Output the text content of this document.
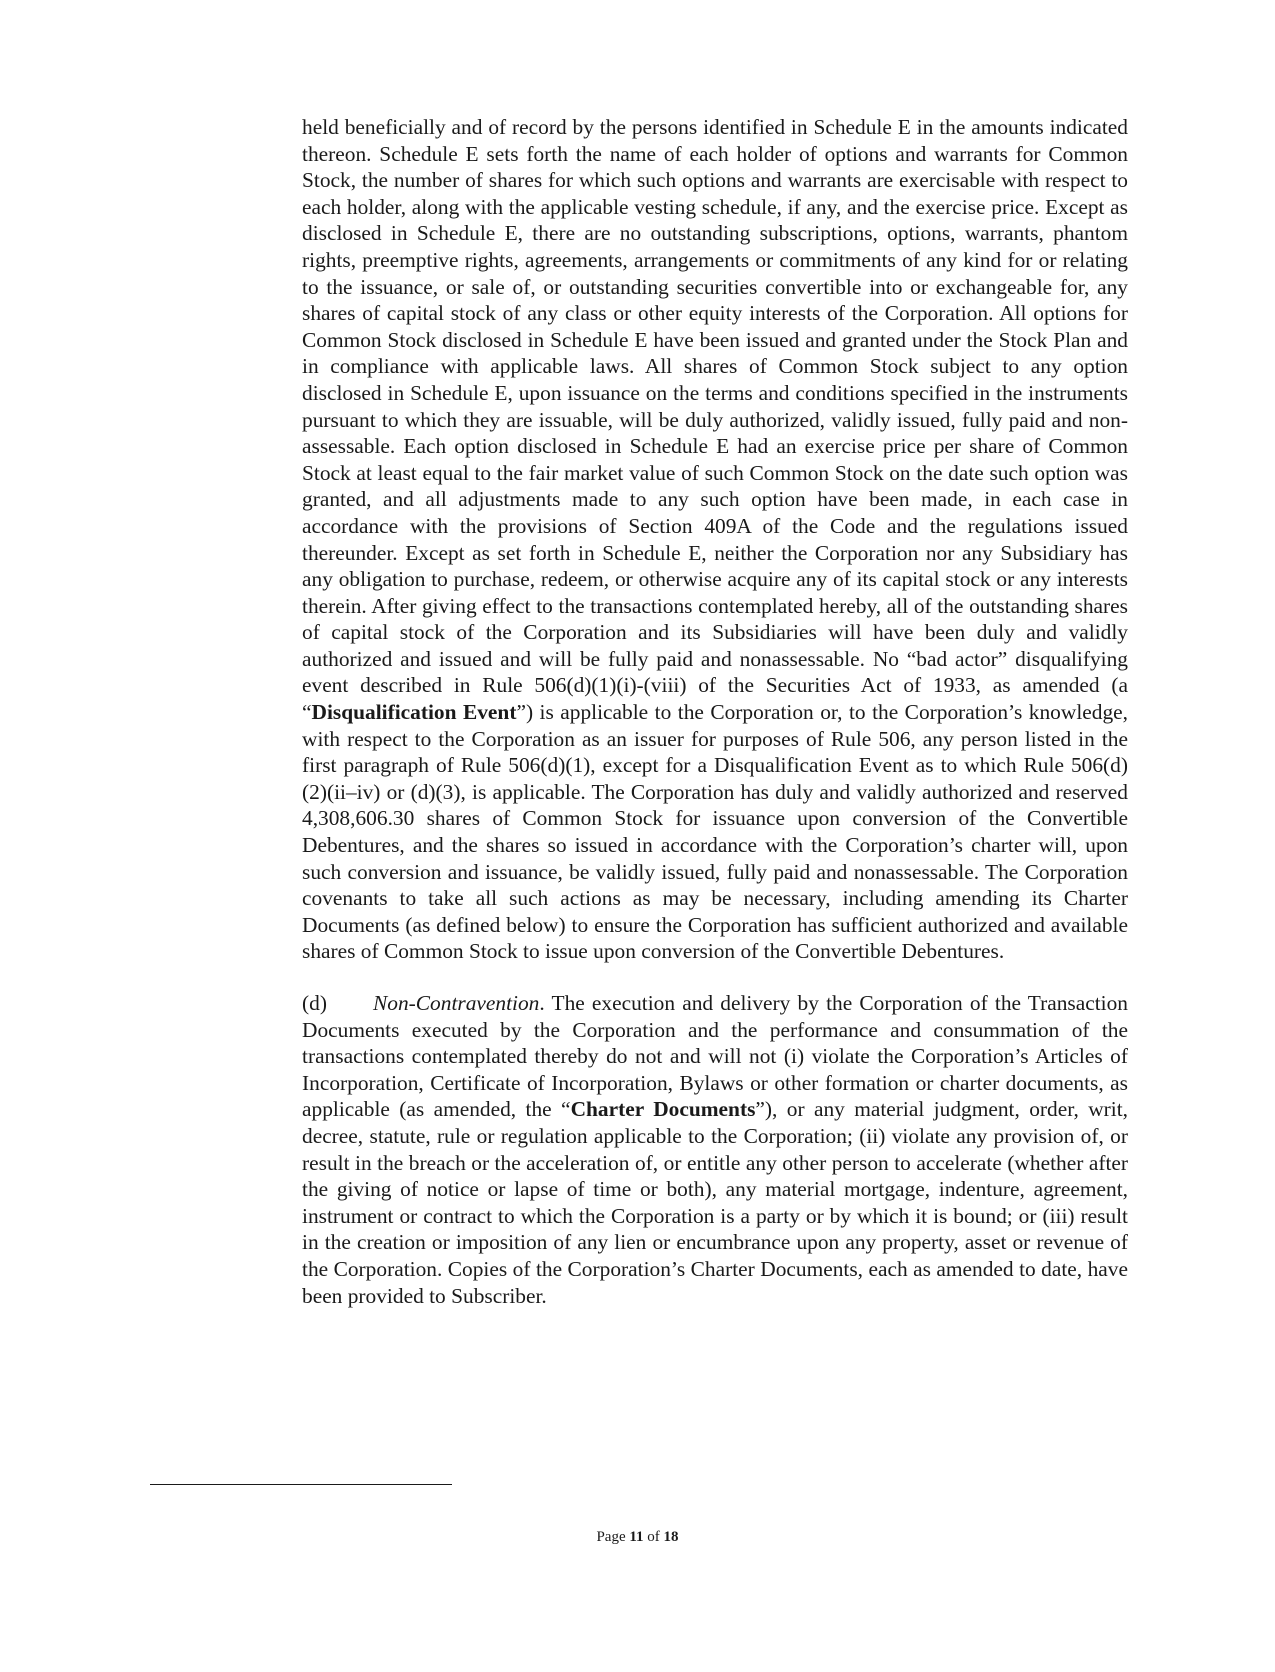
held beneficially and of record by the persons identified in Schedule E in the amounts indicated thereon. Schedule E sets forth the name of each holder of options and warrants for Common Stock, the number of shares for which such options and warrants are exercisable with respect to each holder, along with the applicable vesting schedule, if any, and the exercise price. Except as disclosed in Schedule E, there are no outstanding subscriptions, options, warrants, phantom rights, preemptive rights, agreements, arrangements or commitments of any kind for or relating to the issuance, or sale of, or outstanding securities convertible into or exchangeable for, any shares of capital stock of any class or other equity interests of the Corporation. All options for Common Stock disclosed in Schedule E have been issued and granted under the Stock Plan and in compliance with applicable laws. All shares of Common Stock subject to any option disclosed in Schedule E, upon issuance on the terms and conditions specified in the instruments pursuant to which they are issuable, will be duly authorized, validly issued, fully paid and non-assessable. Each option disclosed in Schedule E had an exercise price per share of Common Stock at least equal to the fair market value of such Common Stock on the date such option was granted, and all adjustments made to any such option have been made, in each case in accordance with the provisions of Section 409A of the Code and the regulations issued thereunder. Except as set forth in Schedule E, neither the Corporation nor any Subsidiary has any obligation to purchase, redeem, or otherwise acquire any of its capital stock or any interests therein. After giving effect to the transactions contemplated hereby, all of the outstanding shares of capital stock of the Corporation and its Subsidiaries will have been duly and validly authorized and issued and will be fully paid and nonassessable. No “bad actor” disqualifying event described in Rule 506(d)(1)(i)-(viii) of the Securities Act of 1933, as amended (a “Disqualification Event”) is applicable to the Corporation or, to the Corporation’s knowledge, with respect to the Corporation as an issuer for purposes of Rule 506, any person listed in the first paragraph of Rule 506(d)(1), except for a Disqualification Event as to which Rule 506(d)(2)(ii–iv) or (d)(3), is applicable. The Corporation has duly and validly authorized and reserved 4,308,606.30 shares of Common Stock for issuance upon conversion of the Convertible Debentures, and the shares so issued in accordance with the Corporation’s charter will, upon such conversion and issuance, be validly issued, fully paid and nonassessable. The Corporation covenants to take all such actions as may be necessary, including amending its Charter Documents (as defined below) to ensure the Corporation has sufficient authorized and available shares of Common Stock to issue upon conversion of the Convertible Debentures.

(d) Non-Contravention. The execution and delivery by the Corporation of the Transaction Documents executed by the Corporation and the performance and consummation of the transactions contemplated thereby do not and will not (i) violate the Corporation’s Articles of Incorporation, Certificate of Incorporation, Bylaws or other formation or charter documents, as applicable (as amended, the “Charter Documents”), or any material judgment, order, writ, decree, statute, rule or regulation applicable to the Corporation; (ii) violate any provision of, or result in the breach or the acceleration of, or entitle any other person to accelerate (whether after the giving of notice or lapse of time or both), any material mortgage, indenture, agreement, instrument or contract to which the Corporation is a party or by which it is bound; or (iii) result in the creation or imposition of any lien or encumbrance upon any property, asset or revenue of the Corporation. Copies of the Corporation’s Charter Documents, each as amended to date, have been provided to Subscriber.

Page 11 of 18
